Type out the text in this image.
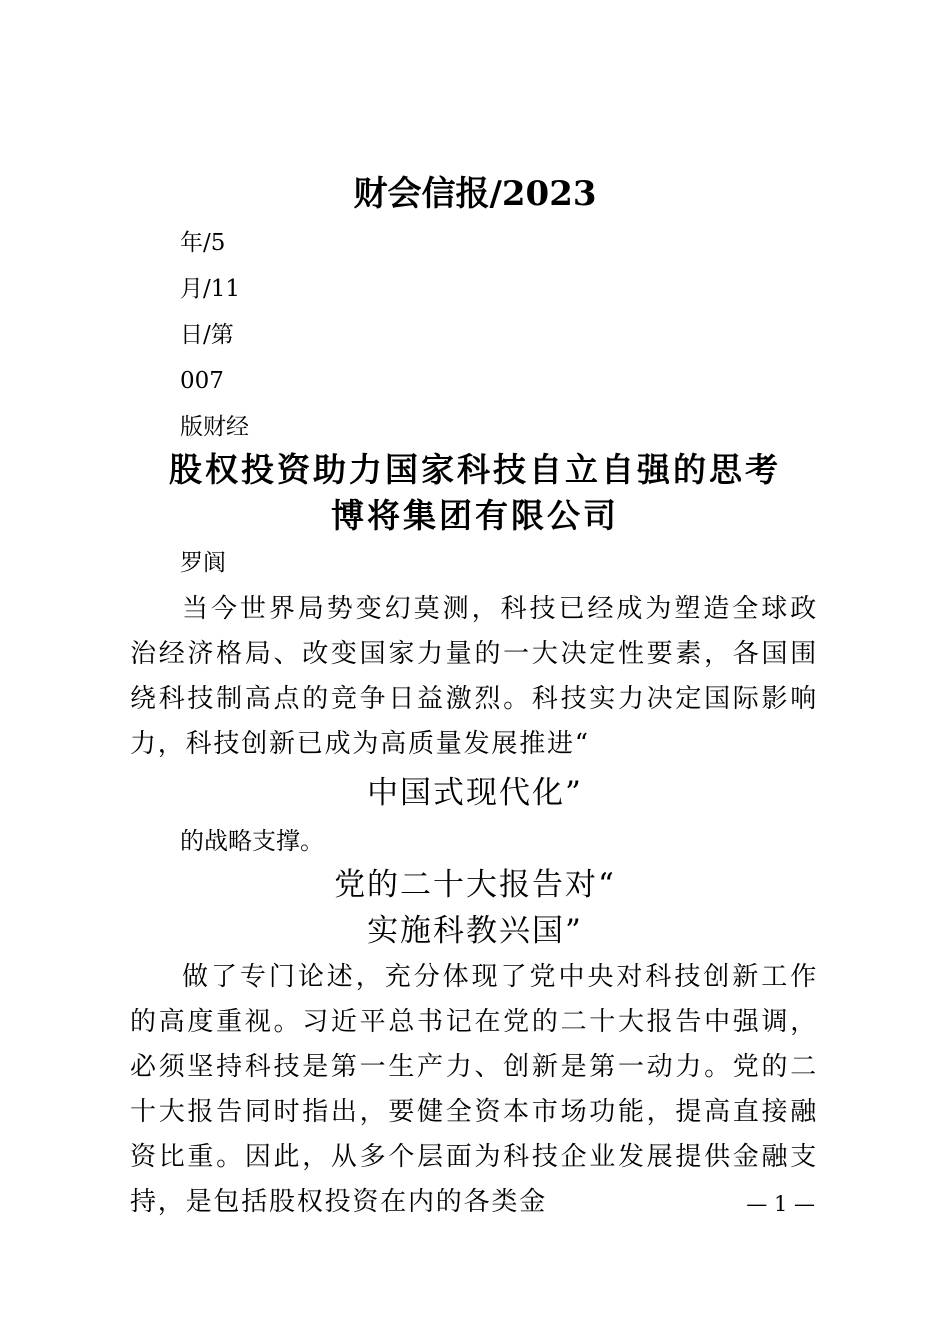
财会信报/2023
年/5
月/11
日/第
007
版财经
股权投资助力国家科技自立自强的思考
博将集团有限公司
罗阆

当今世界局势变幻莫测，科技已经成为塑造全球政治经济格局、改变国家力量的一大决定性要素，各国围绕科技制高点的竞争日益激烈。科技实力决定国际影响力，科技创新已成为高质量发展推进“

中国式现代化”
的战略支撑。
党的二十大报告对“
实施科教兴国”

做了专门论述，充分体现了党中央对科技创新工作的高度重视。习近平总书记在党的二十大报告中强调，必须坚持科技是第一生产力、创新是第一动力。党的二十大报告同时指出，要健全资本市场功能，提高直接融资比重。因此，从多个层面为科技企业发展提供金融支持，是包括股权投资在内的各类金	— 1 —
